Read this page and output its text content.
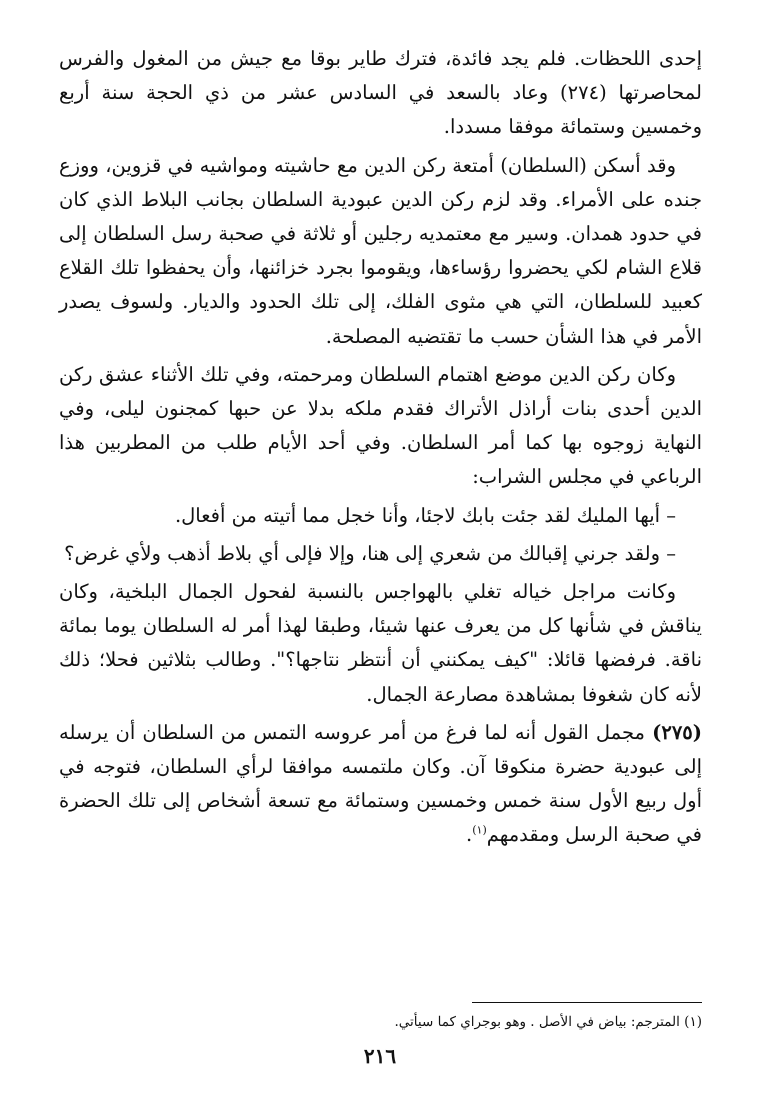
إحدى اللحظات. فلم يجد فائدة، فترك طاير بوقا مع جيش من المغول والفرس لمحاصرتها (٢٧٤) وعاد بالسعد في السادس عشر من ذي الحجة سنة أربع وخمسين وستمائة موفقا مسددا.

وقد أسكن (السلطان) أمتعة ركن الدين مع حاشيته ومواشيه في قزوين، ووزع جنده على الأمراء. وقد لزم ركن الدين عبودية السلطان بجانب البلاط الذي كان في حدود همدان. وسير مع معتمديه رجلين أو ثلاثة في صحبة رسل السلطان إلى قلاع الشام لكي يحضروا رؤساءها، ويقوموا بجرد خزائنها، وأن يحفظوا تلك القلاع كعبيد للسلطان، التي هي مثوى الفلك، إلى تلك الحدود والديار. ولسوف يصدر الأمر في هذا الشأن حسب ما تقتضيه المصلحة.

وكان ركن الدين موضع اهتمام السلطان ومرحمته، وفي تلك الأثناء عشق ركن الدين أحدى بنات أراذل الأتراك فقدم ملكه بدلا عن حبها كمجنون ليلى، وفي النهاية زوجوه بها كما أمر السلطان. وفي أحد الأيام طلب من المطربين هذا الرباعي في مجلس الشراب:

– أيها المليك لقد جئت بابك لاجئا، وأنا خجل مما أتيته من أفعال.

– ولقد جرني إقبالك من شعري إلى هنا، وإلا فإلى أي بلاط أذهب ولأي غرض؟

وكانت مراجل خياله تغلي بالهواجس بالنسبة لفحول الجمال البلخية، وكان يناقش في شأنها كل من يعرف عنها شيئا، وطبقا لهذا أمر له السلطان يوما بمائة ناقة. فرفضها قائلا: "كيف يمكنني أن أنتظر نتاجها؟". وطالب بثلاثين فحلا؛ ذلك لأنه كان شغوفا بمشاهدة مصارعة الجمال.

(٢٧٥) مجمل القول أنه لما فرغ من أمر عروسه التمس من السلطان أن يرسله إلى عبودية حضرة منكوقا آن. وكان ملتمسه موافقا لرأي السلطان، فتوجه في أول ربيع الأول سنة خمس وخمسين وستمائة مع تسعة أشخاص إلى تلك الحضرة في صحبة الرسل ومقدمهم$^{(١)}$.

(١) المترجم: بياض في الأصل . وهو بوجراي كما سيأتي.
٢١٦
